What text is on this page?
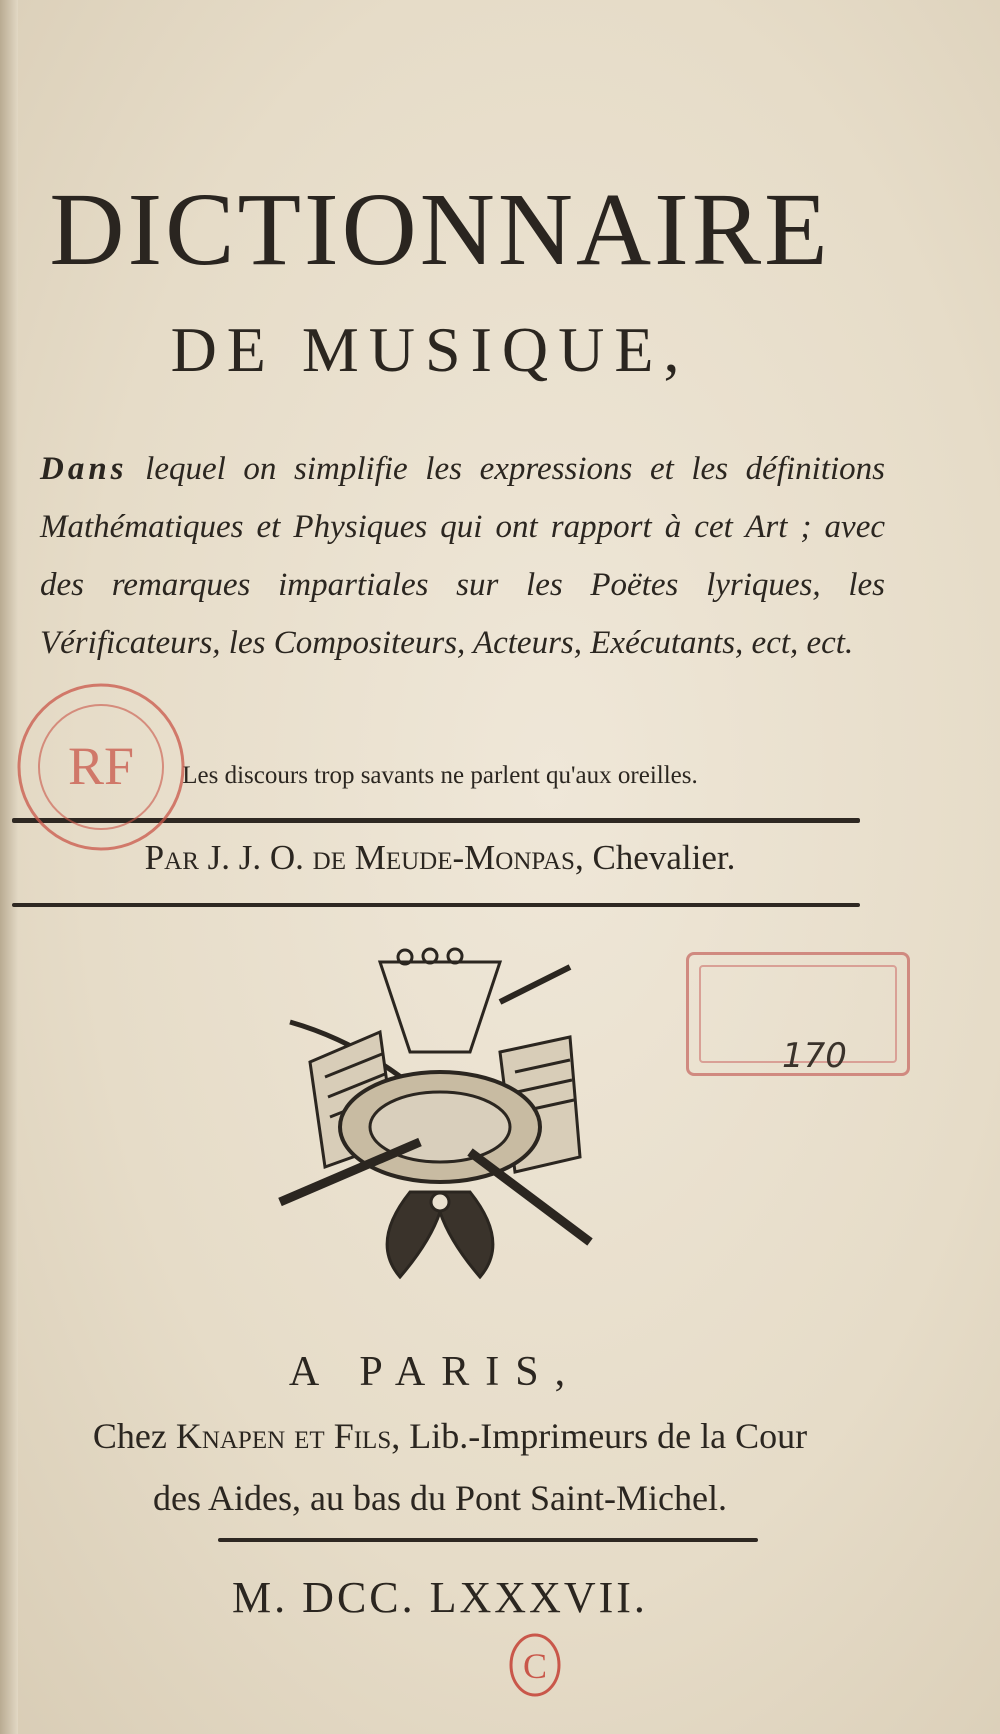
DICTIONNAIRE
DE MUSIQUE,
Dans lequel on simplifie les expressions et les définitions Mathématiques et Physiques qui ont rapport à cet Art ; avec des remarques impartiales sur les Poëtes lyriques, les Vérificateurs, les Compositeurs, Acteurs, Exécutants, ect, ect.
Les discours trop savants ne parlent qu'aux oreilles.
Par J. J. O. de Meude-Monpas, Chevalier.
RF
170
A PARIS,
Chez Knapen et Fils, Lib.-Imprimeurs de la Cour
des Aides, au bas du Pont Saint-Michel.
M. DCC. LXXXVII.
C
